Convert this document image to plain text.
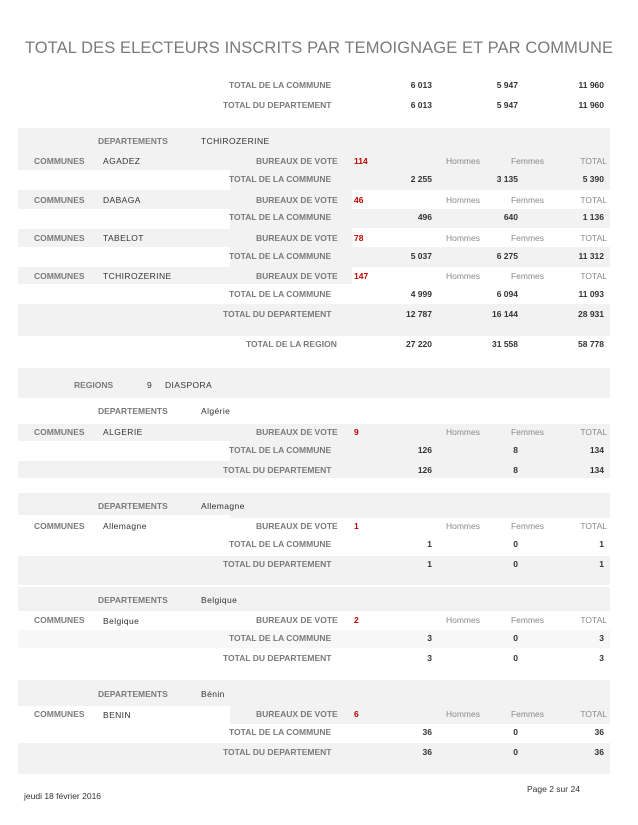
TOTAL DES ELECTEURS INSCRITS PAR TEMOIGNAGE ET PAR COMMUNE
TOTAL DE LA COMMUNE	6 013	5 947	11 960
TOTAL DU DEPARTEMENT	6 013	5 947	11 960
DEPARTEMENTS	TCHIROZERINE
COMMUNES AGADEZ	BUREAUX DE VOTE 114	Hommes	Femmes	TOTAL
TOTAL DE LA COMMUNE	2 255	3 135	5 390
COMMUNES DABAGA	BUREAUX DE VOTE 46	Hommes	Femmes	TOTAL
TOTAL DE LA COMMUNE	496	640	1 136
COMMUNES TABELOT	BUREAUX DE VOTE 78	Hommes	Femmes	TOTAL
TOTAL DE LA COMMUNE	5 037	6 275	11 312
COMMUNES TCHIROZERINE	BUREAUX DE VOTE 147	Hommes	Femmes	TOTAL
TOTAL DE LA COMMUNE	4 999	6 094	11 093
TOTAL DU DEPARTEMENT	12 787	16 144	28 931
TOTAL DE LA REGION	27 220	31 558	58 778
REGIONS	9 DIASPORA
DEPARTEMENTS	Algérie
COMMUNES ALGERIE	BUREAUX DE VOTE 9	Hommes	Femmes	TOTAL
TOTAL DE LA COMMUNE	126	8	134
TOTAL DU DEPARTEMENT	126	8	134
DEPARTEMENTS	Allemagne
COMMUNES Allemagne	BUREAUX DE VOTE 1	Hommes	Femmes	TOTAL
TOTAL DE LA COMMUNE	1	0	1
TOTAL DU DEPARTEMENT	1	0	1
DEPARTEMENTS	Belgique
COMMUNES Belgique	BUREAUX DE VOTE 2	Hommes	Femmes	TOTAL
TOTAL DE LA COMMUNE	3	0	3
TOTAL DU DEPARTEMENT	3	0	3
DEPARTEMENTS	Bénin
COMMUNES BENIN	BUREAUX DE VOTE 6	Hommes	Femmes	TOTAL
TOTAL DE LA COMMUNE	36	0	36
TOTAL DU DEPARTEMENT	36	0	36
jeudi 18 février 2016
Page 2 sur 24
